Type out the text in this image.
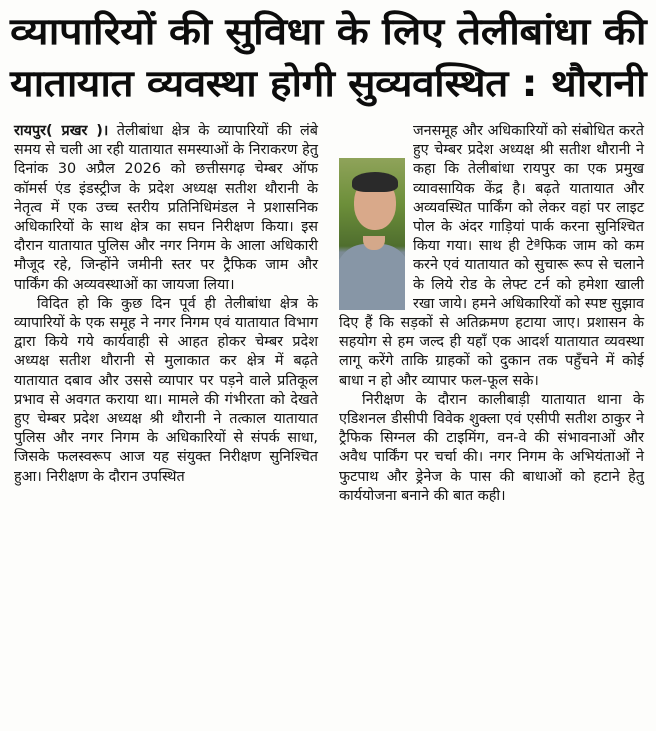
व्यापारियों की सुविधा के लिए तेलीबांधा की
यातायात व्यवस्था होगी सुव्यवस्थित : थौरानी

रायपुर( प्रखर )। तेलीबांधा क्षेत्र के व्यापारियों की लंबे समय से चली आ रही यातायात समस्याओं के निराकरण हेतु दिनांक 30 अप्रैल 2026 को छत्तीसगढ़ चेम्बर ऑफ कॉमर्स एंड इंडस्ट्रीज के प्रदेश अध्यक्ष सतीश थौरानी के नेतृत्व में एक उच्च स्तरीय प्रतिनिधिमंडल ने प्रशासनिक अधिकारियों के साथ क्षेत्र का सघन निरीक्षण किया। इस दौरान यातायात पुलिस और नगर निगम के आला अधिकारी मौजूद रहे, जिन्होंने जमीनी स्तर पर ट्रैफिक जाम और पार्किंग की अव्यवस्थाओं का जायजा लिया।

विदित हो कि कुछ दिन पूर्व ही तेलीबांधा क्षेत्र के व्यापारियों के एक समूह ने नगर निगम एवं यातायात विभाग द्वारा किये गये कार्यवाही से आहत होकर चेम्बर प्रदेश अध्यक्ष सतीश थौरानी से मुलाकात कर क्षेत्र में बढ़ते यातायात दबाव और उससे व्यापार पर पड़ने वाले प्रतिकूल प्रभाव से अवगत कराया था। मामले की गंभीरता को देखते हुए चेम्बर प्रदेश अध्यक्ष श्री थौरानी ने तत्काल यातायात पुलिस और नगर निगम के अधिकारियों से संपर्क साधा, जिसके फलस्वरूप आज यह संयुक्त निरीक्षण सुनिश्चित हुआ। निरीक्षण के दौरान उपस्थित

जनसमूह और अधिकारियों को संबोधित करते हुए चेम्बर प्रदेश अध्यक्ष श्री सतीश थौरानी ने कहा कि तेलीबांधा रायपुर का एक प्रमुख व्यावसायिक केंद्र है। बढ़ते यातायात और अव्यवस्थित पार्किंग को लेकर वहां पर लाइट पोल के अंदर गाड़ियां पार्क करना सुनिश्चित किया गया। साथ ही टेªफिक जाम को कम करने एवं यातायात को सुचारू रूप से चलाने के लिये रोड के लेफ्ट टर्न को हमेशा खाली रखा जाये। हमने अधिकारियों को स्पष्ट सुझाव दिए हैं कि सड़कों से अतिक्रमण हटाया जाए। प्रशासन के सहयोग से हम जल्द ही यहाँ एक आदर्श यातायात व्यवस्था लागू करेंगे ताकि ग्राहकों को दुकान तक पहुँचने में कोई बाधा न हो और व्यापार फल-फूल सके।

निरीक्षण के दौरान कालीबाड़ी यातायात थाना के एडिशनल डीसीपी विवेक शुक्ला एवं एसीपी सतीश ठाकुर ने ट्रैफिक सिग्नल की टाइमिंग, वन-वे की संभावनाओं और अवैध पार्किंग पर चर्चा की। नगर निगम के अभियंताओं ने फुटपाथ और ड्रेनेज के पास की बाधाओं को हटाने हेतु कार्ययोजना बनाने की बात कही।
